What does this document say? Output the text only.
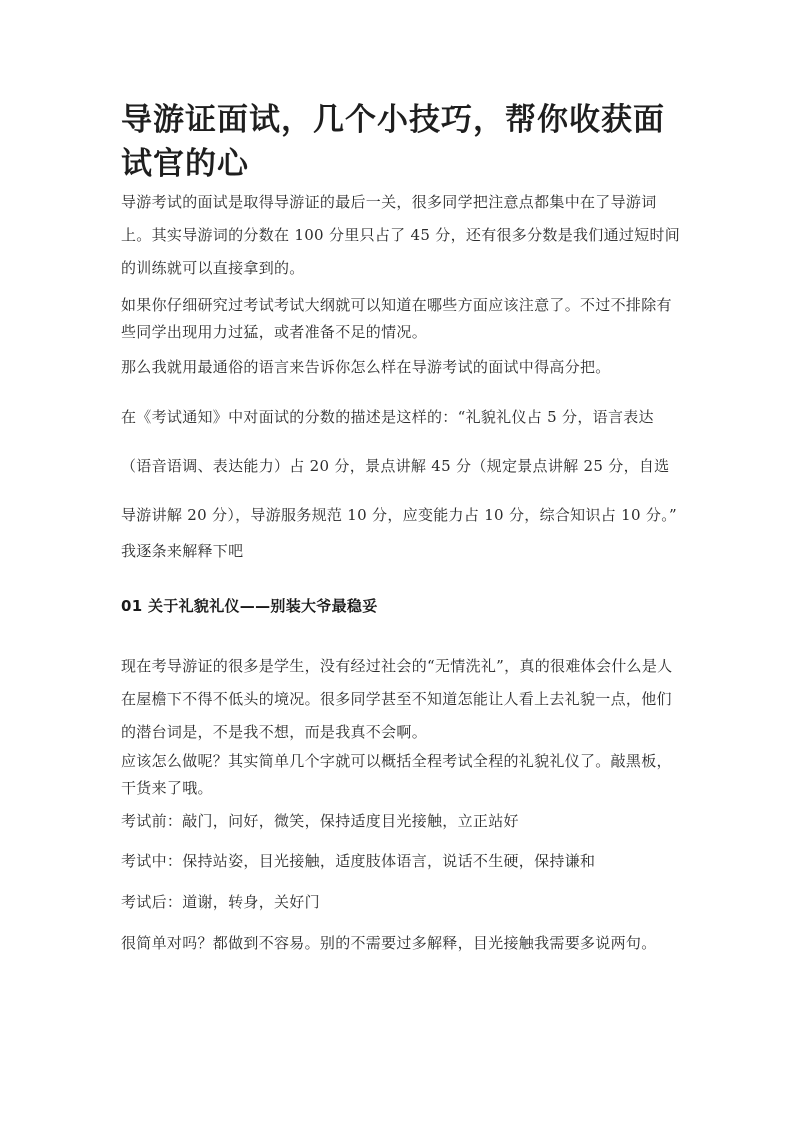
导游证面试，几个小技巧，帮你收获面试官的心

导游考试的面试是取得导游证的最后一关，很多同学把注意点都集中在了导游词上。其实导游词的分数在 100 分里只占了 45 分，还有很多分数是我们通过短时间的训练就可以直接拿到的。

如果你仔细研究过考试考试大纲就可以知道在哪些方面应该注意了。不过不排除有些同学出现用力过猛，或者准备不足的情况。

那么我就用最通俗的语言来告诉你怎么样在导游考试的面试中得高分把。

在《考试通知》中对面试的分数的描述是这样的：“礼貌礼仪占 5 分，语言表达（语音语调、表达能力）占 20 分，景点讲解 45 分（规定景点讲解 25 分，自选导游讲解 20 分），导游服务规范 10 分，应变能力占 10 分，综合知识占 10 分。”

我逐条来解释下吧

01 关于礼貌礼仪——别装大爷最稳妥

现在考导游证的很多是学生，没有经过社会的“无情洗礼”，真的很难体会什么是人在屋檐下不得不低头的境况。很多同学甚至不知道怎能让人看上去礼貌一点，他们的潜台词是，不是我不想，而是我真不会啊。

应该怎么做呢？其实简单几个字就可以概括全程考试全程的礼貌礼仪了。敲黑板，干货来了哦。

考试前：敲门，问好，微笑，保持适度目光接触，立正站好

考试中：保持站姿，目光接触，适度肢体语言，说话不生硬，保持谦和

考试后：道谢，转身，关好门

很简单对吗？都做到不容易。别的不需要过多解释，目光接触我需要多说两句。
